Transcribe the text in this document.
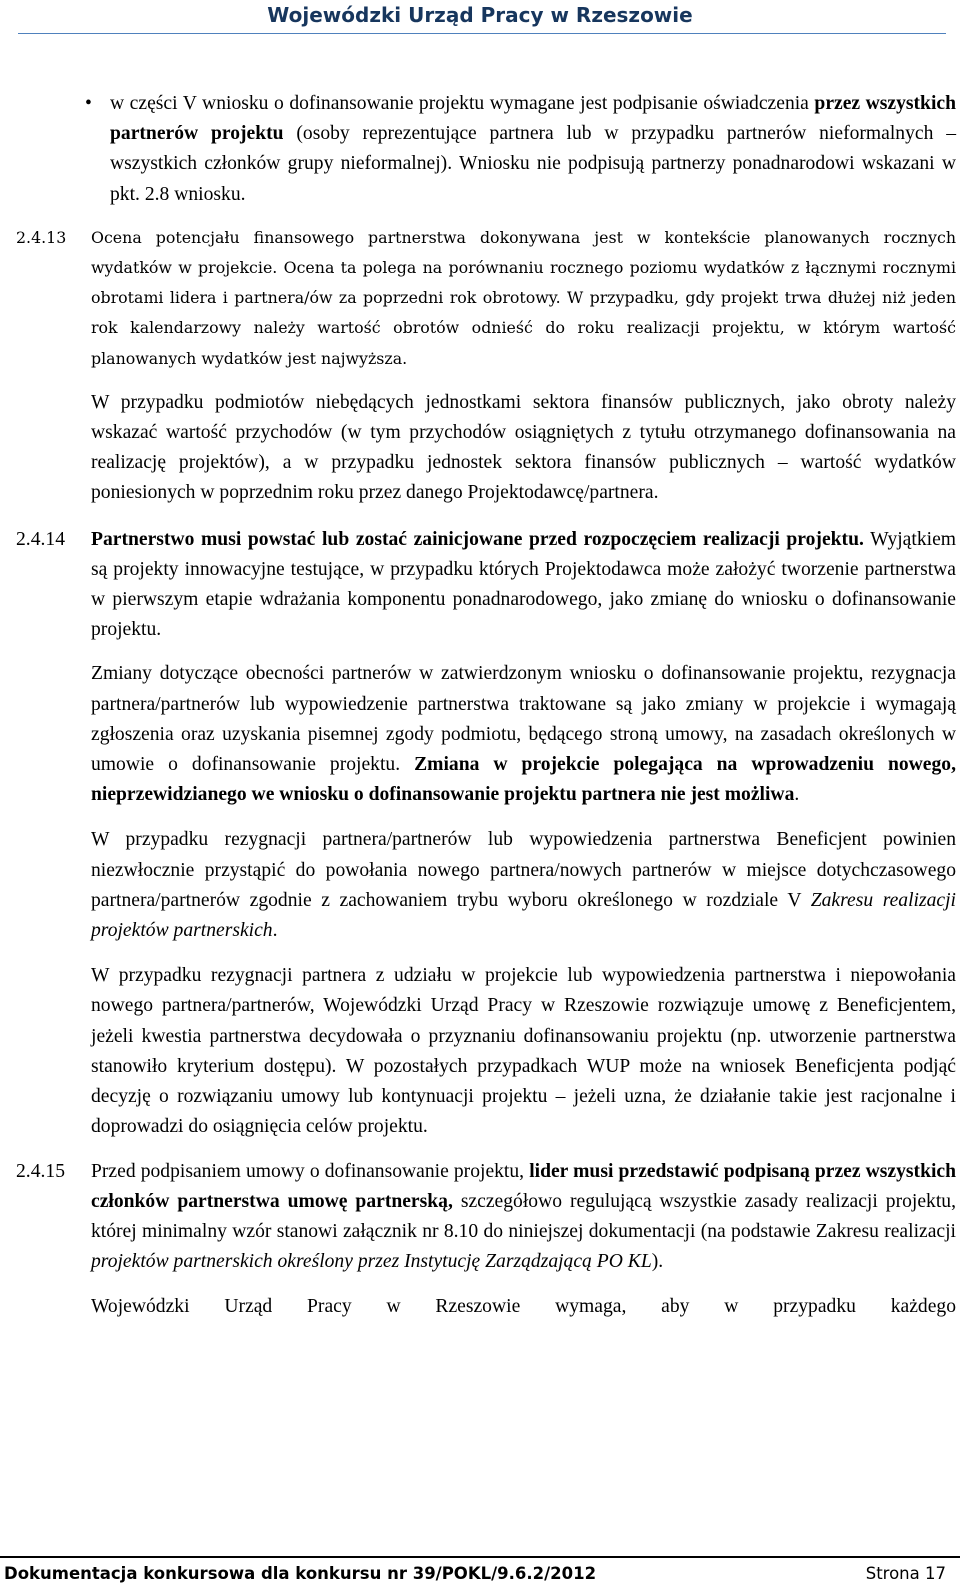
Wojewódzki Urząd Pracy w Rzeszowie
• w części V wniosku o dofinansowanie projektu wymagane jest podpisanie oświadczenia przez wszystkich partnerów projektu (osoby reprezentujące partnera lub w przypadku partnerów nieformalnych – wszystkich członków grupy nieformalnej). Wniosku nie podpisują partnerzy ponadnarodowi wskazani w pkt. 2.8 wniosku.
2.4.13 Ocena potencjału finansowego partnerstwa dokonywana jest w kontekście planowanych rocznych wydatków w projekcie. Ocena ta polega na porównaniu rocznego poziomu wydatków z łącznymi rocznymi obrotami lidera i partnera/ów za poprzedni rok obrotowy. W przypadku, gdy projekt trwa dłużej niż jeden rok kalendarzowy należy wartość obrotów odnieść do roku realizacji projektu, w którym wartość planowanych wydatków jest najwyższa.
W przypadku podmiotów niebędących jednostkami sektora finansów publicznych, jako obroty należy wskazać wartość przychodów (w tym przychodów osiągniętych z tytułu otrzymanego dofinansowania na realizację projektów), a w przypadku jednostek sektora finansów publicznych – wartość wydatków poniesionych w poprzednim roku przez danego Projektodawcę/partnera.
2.4.14 Partnerstwo musi powstać lub zostać zainicjowane przed rozpoczęciem realizacji projektu. Wyjątkiem są projekty innowacyjne testujące, w przypadku których Projektodawca może założyć tworzenie partnerstwa w pierwszym etapie wdrażania komponentu ponadnarodowego, jako zmianę do wniosku o dofinansowanie projektu.
Zmiany dotyczące obecności partnerów w zatwierdzonym wniosku o dofinansowanie projektu, rezygnacja partnera/partnerów lub wypowiedzenie partnerstwa traktowane są jako zmiany w projekcie i wymagają zgłoszenia oraz uzyskania pisemnej zgody podmiotu, będącego stroną umowy, na zasadach określonych w umowie o dofinansowanie projektu. Zmiana w projekcie polegająca na wprowadzeniu nowego, nieprzewidzianego we wniosku o dofinansowanie projektu partnera nie jest możliwa.
W przypadku rezygnacji partnera/partnerów lub wypowiedzenia partnerstwa Beneficjent powinien niezwłocznie przystąpić do powołania nowego partnera/nowych partnerów w miejsce dotychczasowego partnera/partnerów zgodnie z zachowaniem trybu wyboru określonego w rozdziale V Zakresu realizacji projektów partnerskich.
W przypadku rezygnacji partnera z udziału w projekcie lub wypowiedzenia partnerstwa i niepowołania nowego partnera/partnerów, Wojewódzki Urząd Pracy w Rzeszowie rozwiązuje umowę z Beneficjentem, jeżeli kwestia partnerstwa decydowała o przyznaniu dofinansowaniu projektu (np. utworzenie partnerstwa stanowiło kryterium dostępu). W pozostałych przypadkach WUP może na wniosek Beneficjenta podjąć decyzję o rozwiązaniu umowy lub kontynuacji projektu – jeżeli uzna, że działanie takie jest racjonalne i doprowadzi do osiągnięcia celów projektu.
2.4.15 Przed podpisaniem umowy o dofinansowanie projektu, lider musi przedstawić podpisaną przez wszystkich członków partnerstwa umowę partnerską, szczegółowo regulującą wszystkie zasady realizacji projektu, której minimalny wzór stanowi załącznik nr 8.10 do niniejszej dokumentacji (na podstawie Zakresu realizacji projektów partnerskich określony przez Instytucję Zarządzającą PO KL).
Wojewódzki Urząd Pracy w Rzeszowie wymaga, aby w przypadku każdego
Dokumentacja konkursowa dla konkursu nr 39/POKL/9.6.2/2012	Strona 17
